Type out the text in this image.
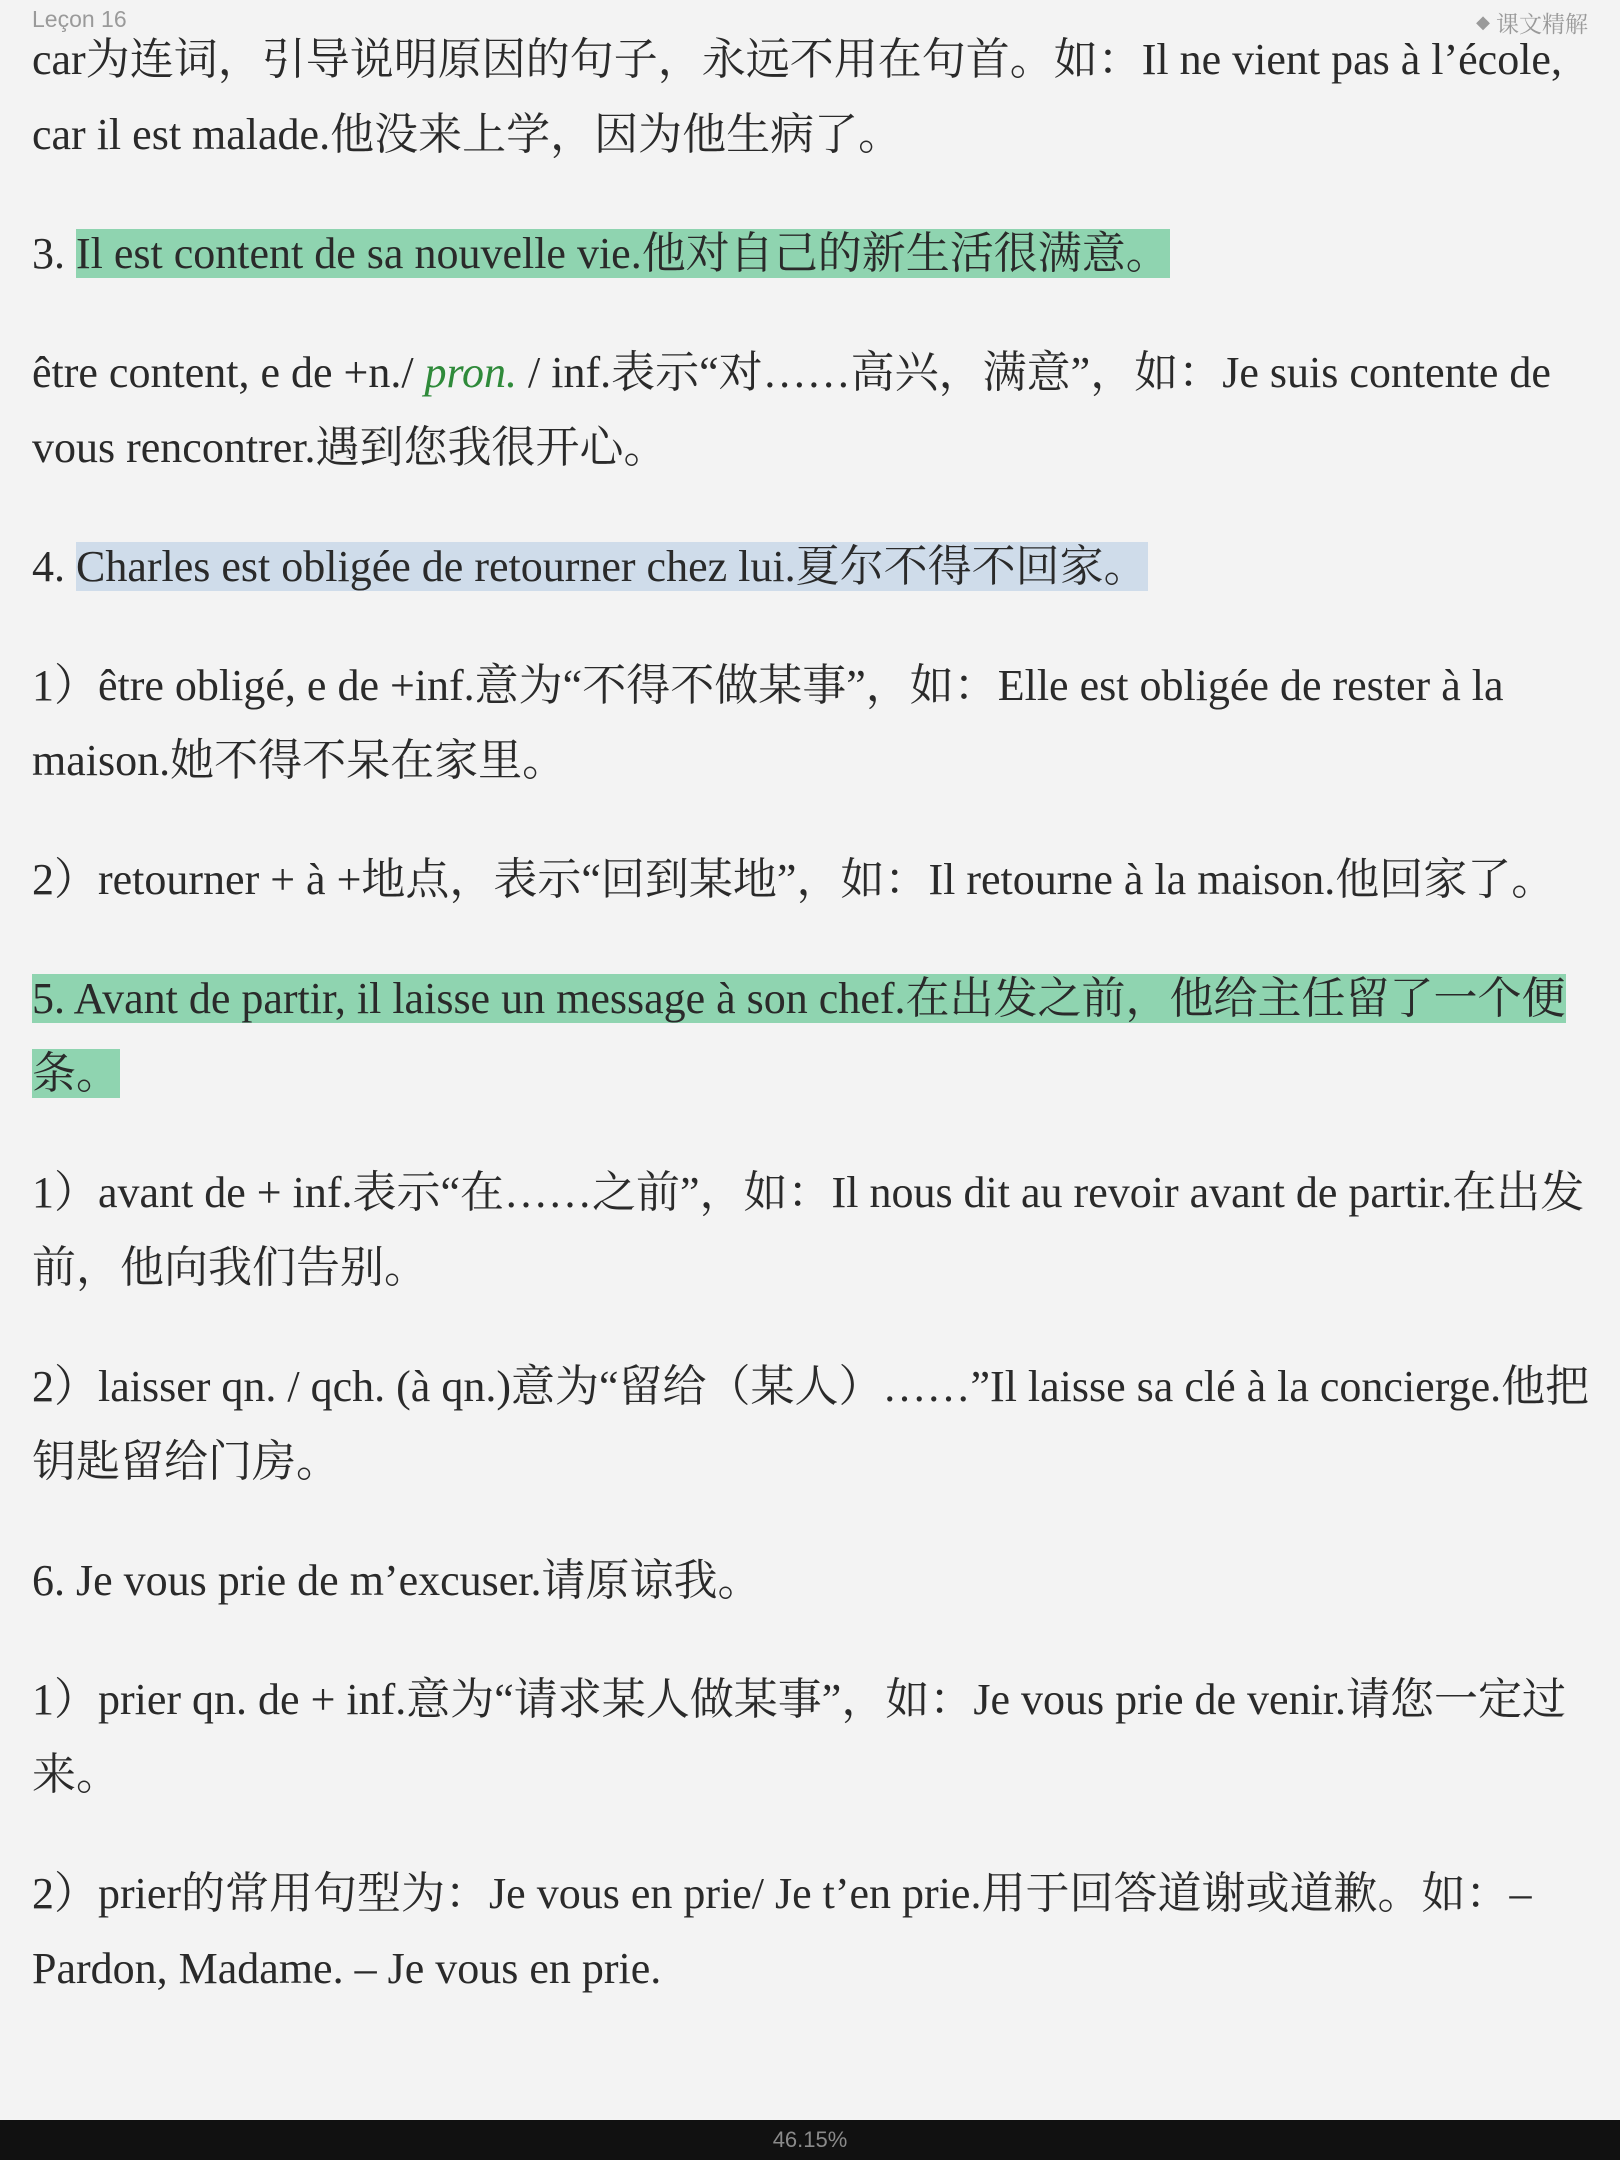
Leçon 16	◆ 课文精解

car为连词，引导说明原因的句子，永远不用在句首。如：Il ne vient pas à l’école, car il est malade.他没来上学，因为他生病了。

3. Il est content de sa nouvelle vie.他对自己的新生活很满意。

être content, e de +n./ pron. / inf.表示“对……高兴，满意”，如：Je suis contente de vous rencontrer.遇到您我很开心。

4. Charles est obligée de retourner chez lui.夏尔不得不回家。

1）être obligé, e de +inf.意为“不得不做某事”，如：Elle est obligée de rester à la maison.她不得不呆在家里。

2）retourner + à +地点，表示“回到某地”，如：Il retourne à la maison.他回家了。

5. Avant de partir, il laisse un message à son chef.在出发之前，他给主任留了一个便条。

1）avant de + inf.表示“在……之前”，如：Il nous dit au revoir avant de partir.在出发前，他向我们告别。

2）laisser qn. / qch. (à qn.)意为“留给（某人）……”Il laisse sa clé à la concierge.他把钥匙留给门房。

6. Je vous prie de m’excuser.请原谅我。

1）prier qn. de + inf.意为“请求某人做某事”，如：Je vous prie de venir.请您一定过来。

2）prier的常用句型为：Je vous en prie/ Je t’en prie.用于回答道谢或道歉。如：–Pardon, Madame. – Je vous en prie.

46.15%
